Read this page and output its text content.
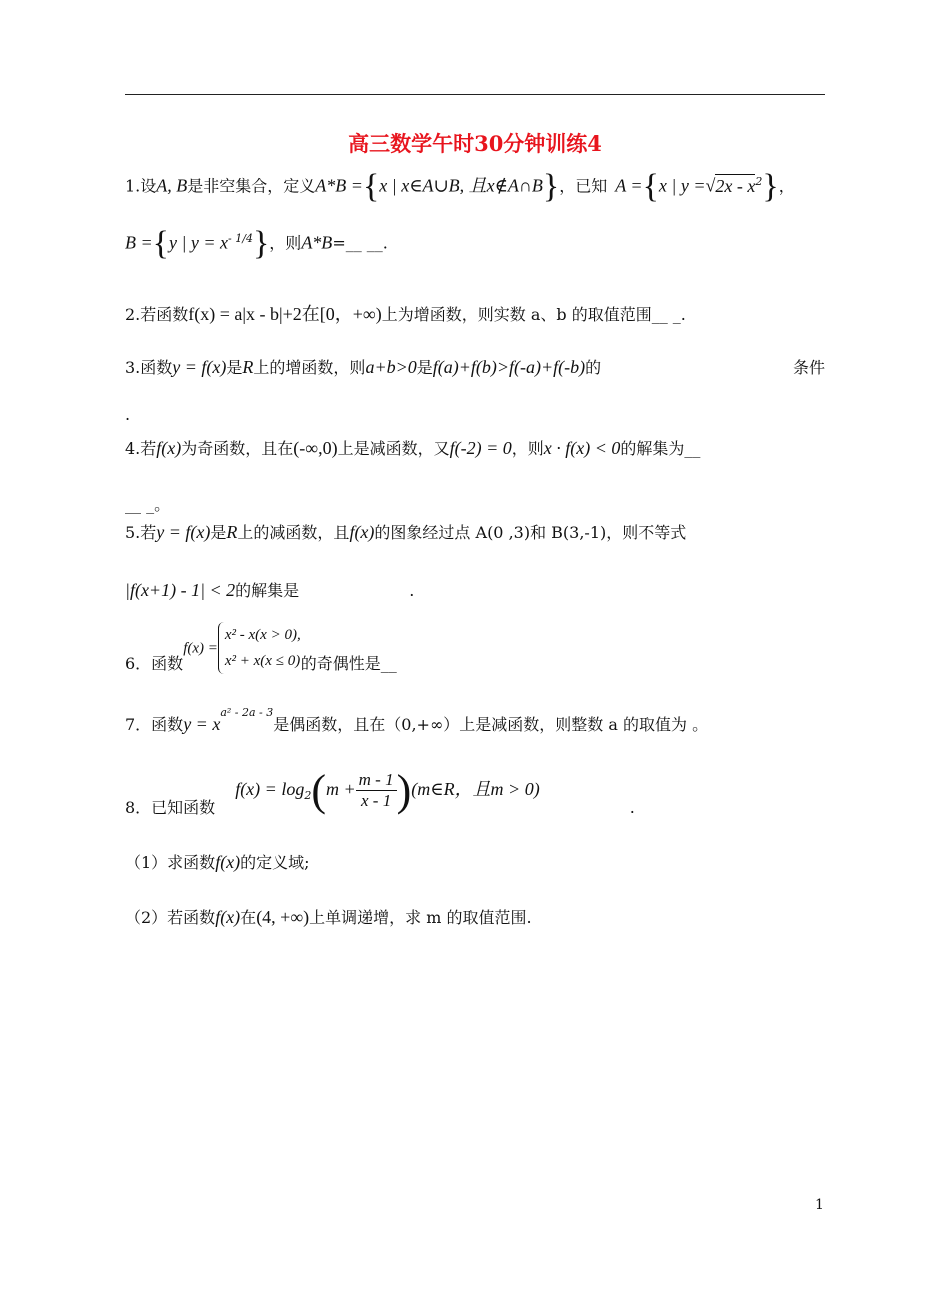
高三数学午时30分钟训练4
1.设A, B是非空集合，定义A*B ={x | x∈A∪B, 且x∉A∩B}，已知 A ={x | $y =√2x - x^2$}，
B ={y | $y = x^{- 1/4}$}，则A*B=__ __.
2.若函数f(x) = a|x - b|+2在[0，+∞)上为增函数，则实数 a、b 的取值范围__ _.
3.函数y = f(x)是R上的增函数，则a+b>0是f(a)+f(b)>f(-a)+f(-b)的	条件
.
4.若f(x)为奇函数，且在(-∞,0)上是减函数，又f(-2) = 0，则x · f(x) < 0的解集为__
__ _。
5.若y = f(x)是R上的减函数，且f(x)的图象经过点 A(0 ,3)和 B(3,-1)，则不等式
|f(x+1) - 1| < 2的解集是	.
6．函数f(x) =
x² - x(x > 0),
x² + x(x ≤ 0) 的奇偶性是__
7．函数$y = x^{a^2 - 2a - 3}$是偶函数，且在（0,+∞）上是减函数，则整数 a 的取值为 。
8．已知函数$f(x) = \log_2(m + \frac{m - 1}{x - 1}$ )(m∈R，且m > 0).
（1）求函数f(x)的定义域;
（2）若函数f(x)在(4, +∞)上单调递增，求 m 的取值范围.
1
